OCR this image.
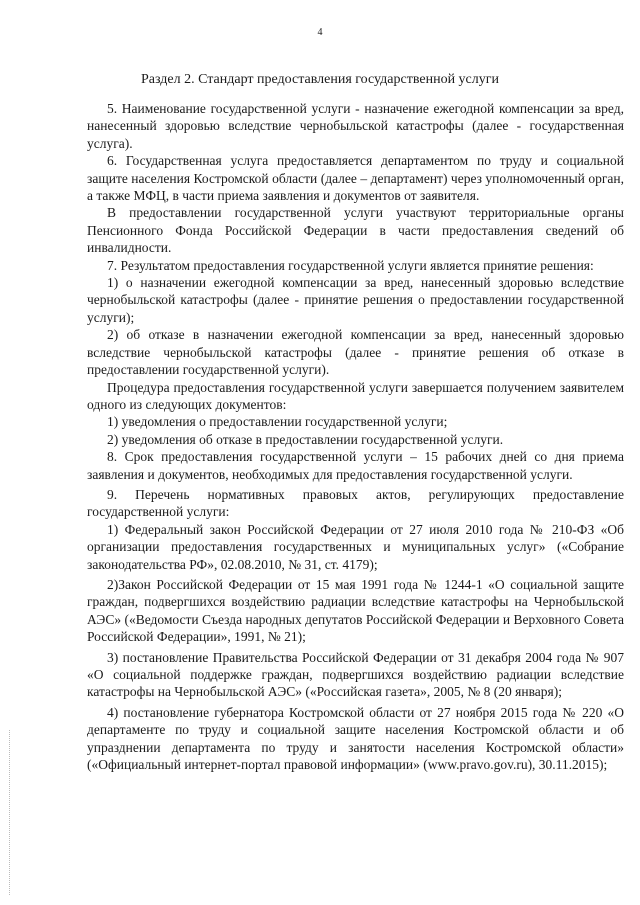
4
Раздел 2. Стандарт предоставления государственной услуги

5. Наименование государственной услуги - назначение ежегодной компенсации за вред, нанесенный здоровью вследствие чернобыльской катастрофы (далее - государственная услуга).

6. Государственная услуга предоставляется департаментом по труду и социальной защите населения Костромской области (далее – департамент) через уполномоченный орган, а также МФЦ, в части приема заявления и документов от заявителя.

В предоставлении государственной услуги участвуют территориальные органы Пенсионного Фонда Российской Федерации в части предоставления сведений об инвалидности.

7. Результатом предоставления государственной услуги является принятие решения:

1) о назначении ежегодной компенсации за вред, нанесенный здоровью вследствие чернобыльской катастрофы (далее - принятие решения о предоставлении государственной услуги);

2) об отказе в назначении ежегодной компенсации за вред, нанесенный здоровью вследствие чернобыльской катастрофы (далее - принятие решения об отказе в предоставлении государственной услуги).

Процедура предоставления государственной услуги завершается получением заявителем одного из следующих документов:

1) уведомления о предоставлении государственной услуги;

2) уведомления об отказе в предоставлении государственной услуги.

8. Срок предоставления государственной услуги – 15 рабочих дней со дня приема заявления и документов, необходимых для предоставления государственной услуги.

9. Перечень нормативных правовых актов, регулирующих предоставление государственной услуги:

1) Федеральный закон Российской Федерации от 27 июля 2010 года № 210-ФЗ «Об организации предоставления государственных и муниципальных услуг» («Собрание законодательства РФ», 02.08.2010, № 31, ст. 4179);

2)Закон Российской Федерации от 15 мая 1991 года № 1244-1 «О социальной защите граждан, подвергшихся воздействию радиации вследствие катастрофы на Чернобыльской АЭС» («Ведомости Съезда народных депутатов Российской Федерации и Верховного Совета Российской Федерации», 1991, № 21);

3) постановление Правительства Российской Федерации от 31 декабря 2004 года № 907 «О социальной поддержке граждан, подвергшихся воздействию радиации вследствие катастрофы на Чернобыльской АЭС» («Российская газета», 2005, № 8 (20 января);

4) постановление губернатора Костромской области от 27 ноября 2015 года № 220 «О департаменте по труду и социальной защите населения Костромской области и об упразднении департамента по труду и занятости населения Костромской области» («Официальный интернет-портал правовой информации» (www.pravo.gov.ru), 30.11.2015);
